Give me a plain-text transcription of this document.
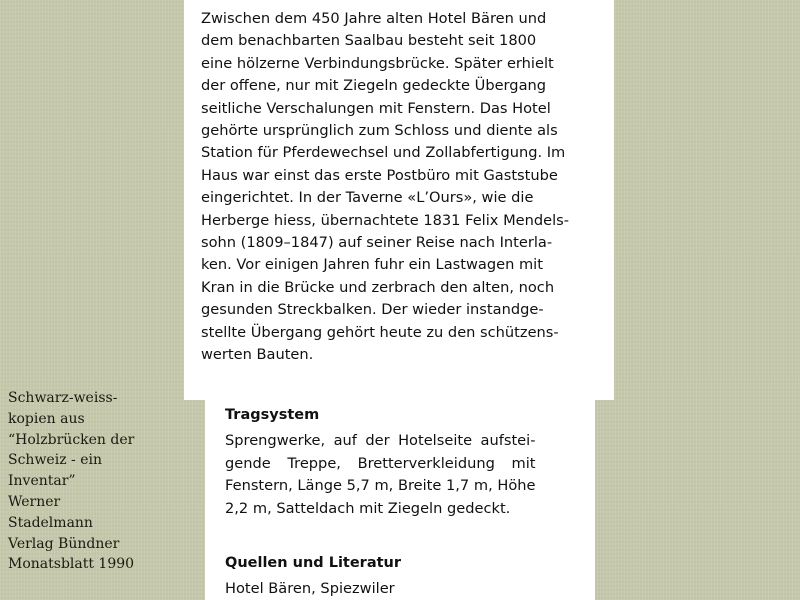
Zwischen dem 450 Jahre alten Hotel Bären und
dem benachbarten Saalbau besteht seit 1800
eine hölzerne Verbindungsbrücke. Später erhielt
der offene, nur mit Ziegeln gedeckte Übergang
seitliche Verschalungen mit Fenstern. Das Hotel
gehörte ursprünglich zum Schloss und diente als
Station für Pferdewechsel und Zollabfertigung. Im
Haus war einst das erste Postbüro mit Gaststube
eingerichtet. In der Taverne «L’Ours», wie die
Herberge hiess, übernachtete 1831 Felix Mendels-
sohn (1809–1847) auf seiner Reise nach Interla-
ken. Vor einigen Jahren fuhr ein Lastwagen mit
Kran in die Brücke und zerbrach den alten, noch
gesunden Streckbalken. Der wieder instandge-
stellte Übergang gehört heute zu den schützens-
werten Bauten.
Tragsystem
Sprengwerke, auf der Hotelseite aufstei-
gende Treppe, Bretterverkleidung mit
Fenstern, Länge 5,7 m, Breite 1,7 m, Höhe
2,2 m, Satteldach mit Ziegeln gedeckt.
Quellen und Literatur
Hotel Bären, Spiezwiler
Schwarz-weiss-
kopien aus
“Holzbrücken der
Schweiz - ein
Inventar”
Werner
Stadelmann
Verlag Bündner
Monatsblatt 1990
